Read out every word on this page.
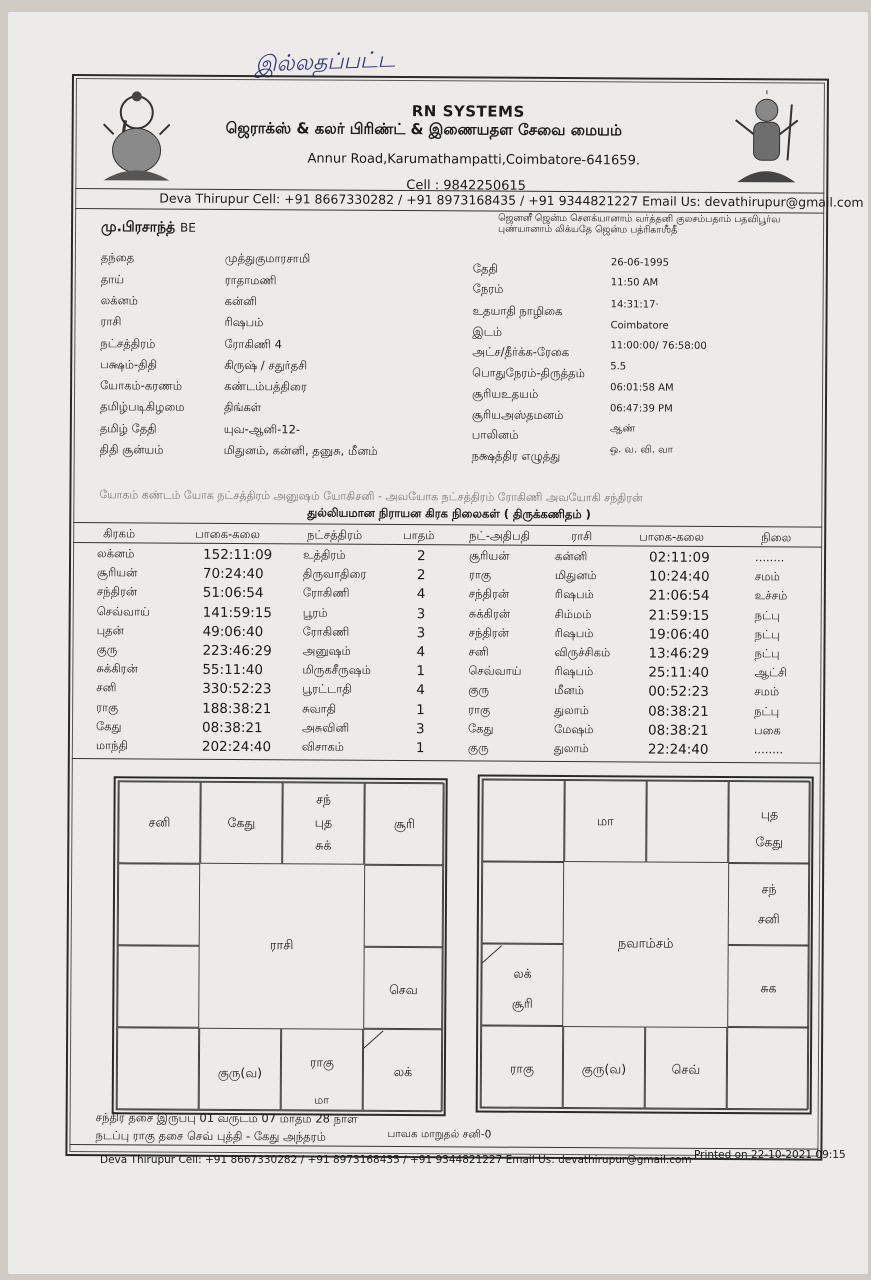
இல்லதப்பட்ட
RN SYSTEMS
ஜெராக்ஸ் & கலர் பிரிண்ட் & இணையதள சேவை மையம்
Annur Road,Karumathampatti,Coimbatore-641659.
Cell : 9842250615
Deva Thirupur Cell: +91 8667330282 / +91 8973168435 / +91 9344821227 Email Us: devathirupur@gmail.com
மு.பிரசாந்த் BE
ஜெனனீ ஜென்ம சௌக்யானாம் வர்த்தனி குலசம்பதாம் பதவிபூர்வ புண்யானாம் லிக்யதே ஜென்ம பத்ரிகாஶீதீ
தந்தை	முத்துகுமாரசாமி
தாய்	ராதாமணி
லக்னம்	கன்னி
ராசி	ரிஷபம்
நட்சத்திரம்	ரோகிணி 4
பக்ஷம்-திதி	கிருஷ் / சதுர்தசி
யோகம்-கரணம்	கண்டம்பத்திரை
தமிழ்படிகிழமை	திங்கள்
தமிழ் தேதி	யுவ-ஆனி-12-
திதி சூன்யம்	மிதுனம், கன்னி, தனுசு, மீனம்
தேதி	26-06-1995
நேரம்	11:50 AM
உதயாதி நாழிகை	14:31:17·
இடம்	Coimbatore
அட்ச/தீர்க்க-ரேகை	11:00:00/ 76:58:00
பொதுநேரம்-திருத்தம்	5.5
சூரியஉதயம்	06:01:58 AM
சூரியஅஸ்தமனம்	06:47:39 PM
பாலினம்	ஆண்
நக்ஷத்திர எழுத்து	ஒ. வ. வி. வா
யோகம் கண்டம் யோக நட்சத்திரம் அனுஷம் யோகிசனி - அவயோக நட்சத்திரம் ரோகிணி அவயோகி சந்திரன்
துல்லியமான நிராயன கிரக நிலைகள் ( திருக்கணிதம் )
கிரகம்	பாகை-கலை	நட்சத்திரம்	பாதம்	நட்-அதிபதி	ராசி	பாகை-கலை	நிலை
லக்னம்	152:11:09	உத்திரம்	2	சூரியன்	கன்னி	02:11:09	........
சூரியன்	70:24:40	திருவாதிரை	2	ராகு	மிதுனம்	10:24:40	சமம்
சந்திரன்	51:06:54	ரோகிணி	4	சந்திரன்	ரிஷபம்	21:06:54	உச்சம்
செவ்வாய்	141:59:15	பூரம்	3	சுக்கிரன்	சிம்மம்	21:59:15	நட்பு
புதன்	49:06:40	ரோகிணி	3	சந்திரன்	ரிஷபம்	19:06:40	நட்பு
குரு	223:46:29	அனுஷம்	4	சனி	விருச்சிகம்	13:46:29	நட்பு
சுக்கிரன்	55:11:40	மிருகசீருஷம்	1	செவ்வாய்	ரிஷபம்	25:11:40	ஆட்சி
சனி	330:52:23	பூரட்டாதி	4	குரு	மீனம்	00:52:23	சமம்
ராகு	188:38:21	சுவாதி	1	ராகு	துலாம்	08:38:21	நட்பு
கேது	08:38:21	அசுவினி	3	கேது	மேஷம்	08:38:21	பகை
மாந்தி	202:24:40	விசாகம்	1	குரு	துலாம்	22:24:40	........
சனி	கேது
சந்
புத
சுக்
சூரி
செவ
குரு(வ)
ராகு
மா
லக்
ராசி
மா	புத
கேது
லக்
சூரி
சந்
சனி
சுக
ராகு	குரு(வ)	செவ்
நவாம்சம்
சந்திர தசை இருப்பு 01 வருடம் 07 மாதம் 28 நாள்
நடப்பு ராகு தசை செவ் புத்தி - கேது அந்தரம்	பாவக மாறுதல் சனி-0
Deva Thirupur Cell: +91 8667330282 / +91 8973168435 / +91 9344821227 Email Us: devathirupur@gmail.com Printed on 22-10-2021 09:15
